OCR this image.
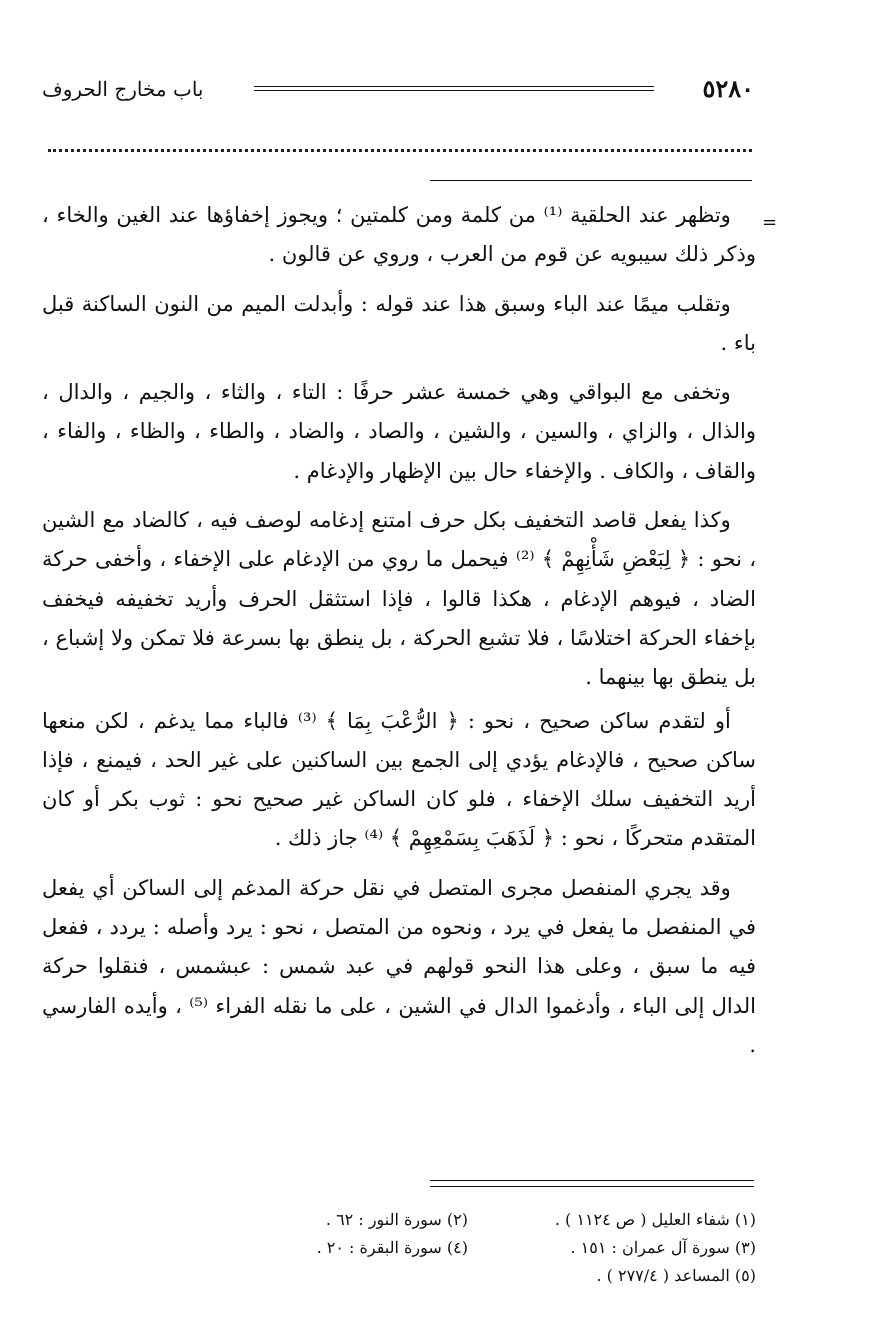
٥٢٨٠
باب مخارج الحروف
=

وتظهر عند الحلقية ⁽¹⁾ من كلمة ومن كلمتين ؛ ويجوز إخفاؤها عند الغين والخاء ، وذكر ذلك سيبويه عن قوم من العرب ، وروي عن قالون .

وتقلب ميمًا عند الباء وسبق هذا عند قوله : وأبدلت الميم من النون الساكنة قبل باء .

وتخفى مع البواقي وهي خمسة عشر حرفًا : التاء ، والثاء ، والجيم ، والدال ، والذال ، والزاي ، والسين ، والشين ، والصاد ، والضاد ، والطاء ، والظاء ، والفاء ، والقاف ، والكاف . والإخفاء حال بين الإظهار والإدغام .

وكذا يفعل قاصد التخفيف بكل حرف امتنع إدغامه لوصف فيه ، كالضاد مع الشين ، نحو : ﴿ لِبَعْضِ شَأْنِهِمْ ﴾ ⁽²⁾ فيحمل ما روي من الإدغام على الإخفاء ، وأخفى حركة الضاد ، فيوهم الإدغام ، هكذا قالوا ، فإذا استثقل الحرف وأريد تخفيفه فيخفف بإخفاء الحركة اختلاسًا ، فلا تشبع الحركة ، بل ينطق بها بسرعة فلا تمكن ولا إشباع ، بل ينطق بها بينهما .

أو لتقدم ساكن صحيح ، نحو : ﴿ الرُّعْبَ بِمَا ﴾ ⁽³⁾ فالباء مما يدغم ، لكن منعها ساكن صحيح ، فالإدغام يؤدي إلى الجمع بين الساكنين على غير الحد ، فيمنع ، فإذا أريد التخفيف سلك الإخفاء ، فلو كان الساكن غير صحيح نحو : ثوب بكر أو كان المتقدم متحركًا ، نحو : ﴿ لَذَهَبَ بِسَمْعِهِمْ ﴾ ⁽⁴⁾ جاز ذلك .

وقد يجري المنفصل مجرى المتصل في نقل حركة المدغم إلى الساكن أي يفعل في المنفصل ما يفعل في يرد ، ونحوه من المتصل ، نحو : يرد وأصله : يردد ، ففعل فيه ما سبق ، وعلى هذا النحو قولهم في عبد شمس : عبشمس ، فنقلوا حركة الدال إلى الباء ، وأدغموا الدال في الشين ، على ما نقله الفراء ⁽⁵⁾ ، وأيده الفارسي .

(١) شفاء العليل ( ص ١١٢٤ ) .
(٢) سورة النور : ٦٢ .
(٣) سورة آل عمران : ١٥١ .
(٤) سورة البقرة : ٢٠ .
(٥) المساعد ( ٢٧٧/٤ ) .
